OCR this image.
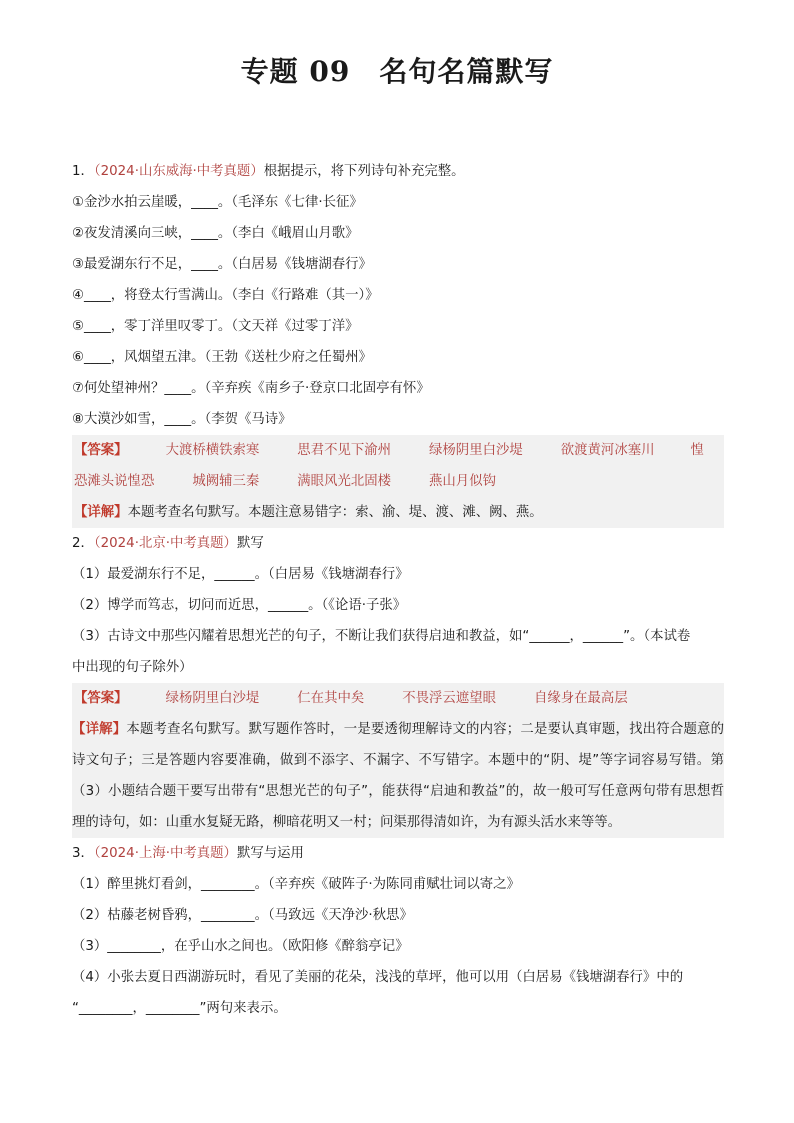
专题 09　名句名篇默写
1．（2024·山东威海·中考真题）根据提示，将下列诗句补充完整。
①金沙水拍云崖暖，____。（毛泽东《七律·长征》
②夜发清溪向三峡，____。（李白《峨眉山月歌》
③最爱湖东行不足，____。（白居易《钱塘湖春行》
④____，将登太行雪满山。（李白《行路难（其一）》
⑤____，零丁洋里叹零丁。（文天祥《过零丁洋》
⑥____，风烟望五津。（王勃《送杜少府之任蜀州》
⑦何处望神州？____。（辛弃疾《南乡子·登京口北固亭有怀》
⑧大漠沙如雪，____。（李贺《马诗》
【答案】	大渡桥横铁索寒	思君不见下渝州	绿杨阴里白沙堤	欲渡黄河冰塞川	惶
恐滩头说惶恐	城阙辅三秦	满眼风光北固楼	燕山月似钩
【详解】本题考查名句默写。本题注意易错字：索、渝、堤、渡、滩、阙、燕。
2．（2024·北京·中考真题）默写
（1）最爱湖东行不足，______。（白居易《钱塘湖春行》
（2）博学而笃志，切问而近思，______。（《论语·子张》
（3）古诗文中那些闪耀着思想光芒的句子，不断让我们获得启迪和教益，如“______，______”。（本试卷
中出现的句子除外）
【答案】	绿杨阴里白沙堤	仁在其中矣	不畏浮云遮望眼	自缘身在最高层
【详解】本题考查名句默写。默写题作答时，一是要透彻理解诗文的内容；二是要认真审题，找出符合题意的诗文句子；三是答题内容要准确，做到不添字、不漏字、不写错字。本题中的“阴、堤”等字词容易写错。第（3）小题结合题干要写出带有“思想光芒的句子”，能获得“启迪和教益”的，故一般可写任意两句带有思想哲理的诗句，如：山重水复疑无路，柳暗花明又一村；问渠那得清如许，为有源头活水来等等。
3．（2024·上海·中考真题）默写与运用
（1）醉里挑灯看剑，________。（辛弃疾《破阵子·为陈同甫赋壮词以寄之》
（2）枯藤老树昏鸦，________。（马致远《天净沙·秋思》
（3）________，在乎山水之间也。（欧阳修《醉翁亭记》
（4）小张去夏日西湖游玩时，看见了美丽的花朵，浅浅的草坪，他可以用（白居易《钱塘湖春行》中的
“________，________”两句来表示。
